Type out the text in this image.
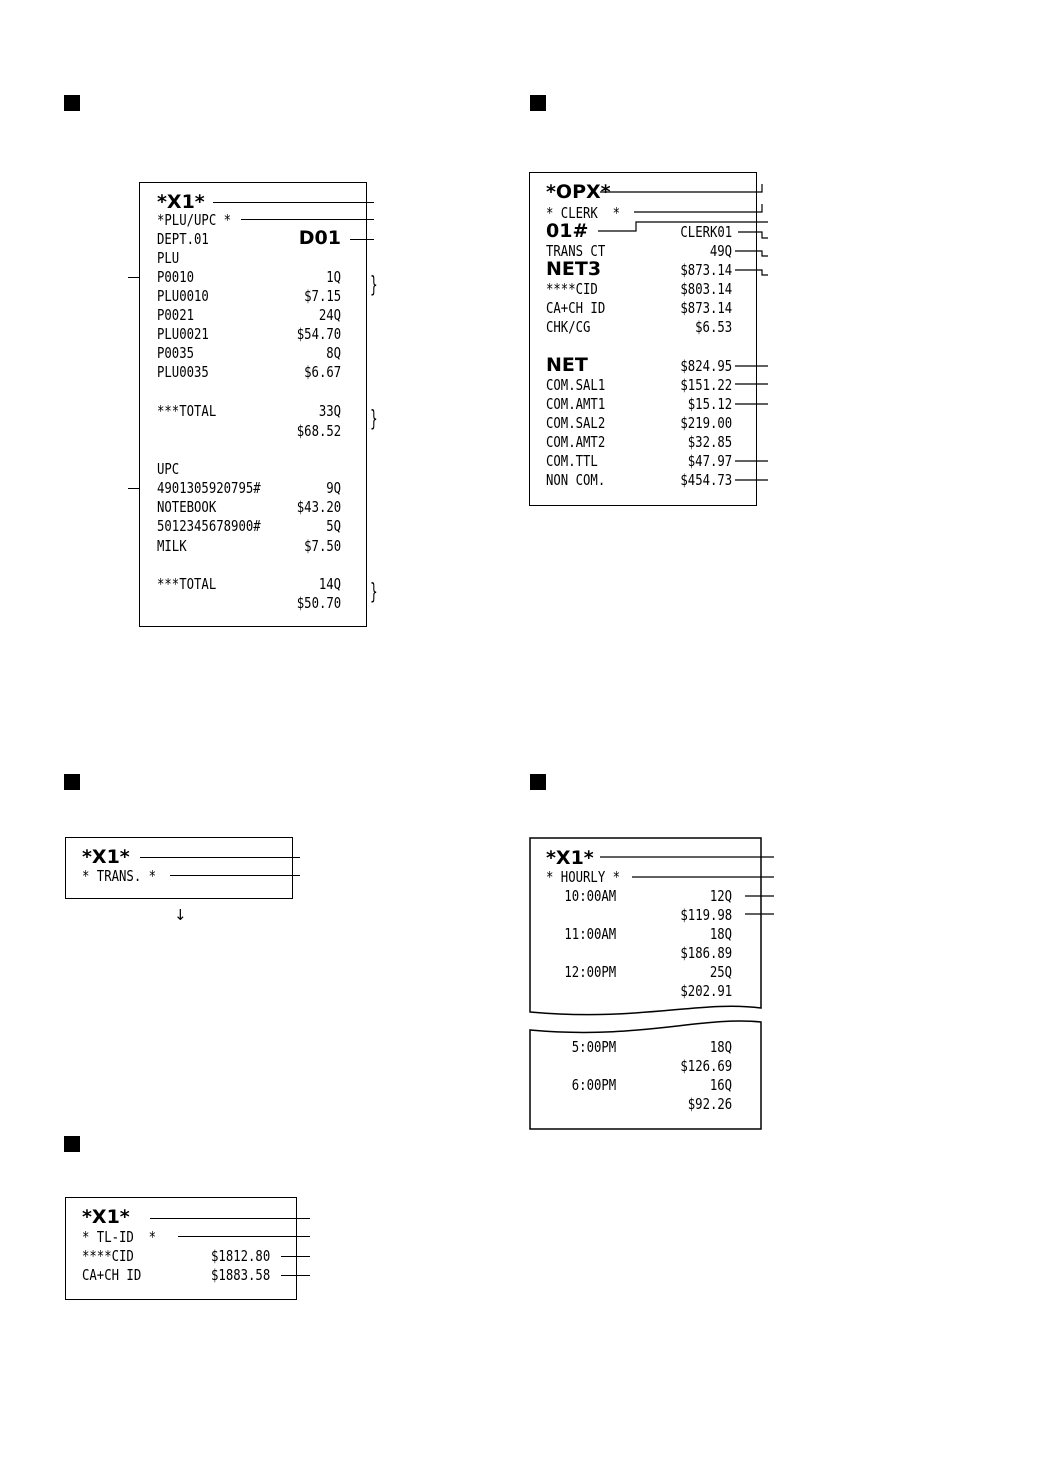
*X1*
*PLU/UPC *
DEPT.01	D01
PLU
P0010	1Q
PLU0010	$7.15
P0021	24Q
PLU0021	$54.70
P0035	8Q
PLU0035	$6.67
***TOTAL	33Q
$68.52
UPC
4901305920795#	9Q
NOTEBOOK	$43.20
5012345678900#	5Q
MILK	$7.50
***TOTAL	14Q
$50.70
}
}
}
*OPX*
* CLERK  *
01#	CLERK01
TRANS CT	49Q
NET3	$873.14
****CID	$803.14
CA+CH ID	$873.14
CHK/CG	$6.53
NET	$824.95
COM.SAL1	$151.22
COM.AMT1	$15.12
COM.SAL2	$219.00
COM.AMT2	$32.85
COM.TTL	$47.97
NON COM.	$454.73
*X1*
* TRANS. *
↓
*X1*
* HOURLY *
10:00AM	12Q
$119.98
11:00AM	18Q
$186.89
12:00PM	25Q
$202.91
5:00PM	18Q
$126.69
6:00PM	16Q
$92.26
*X1*
* TL-ID  *
****CID	$1812.80
CA+CH ID	$1883.58
